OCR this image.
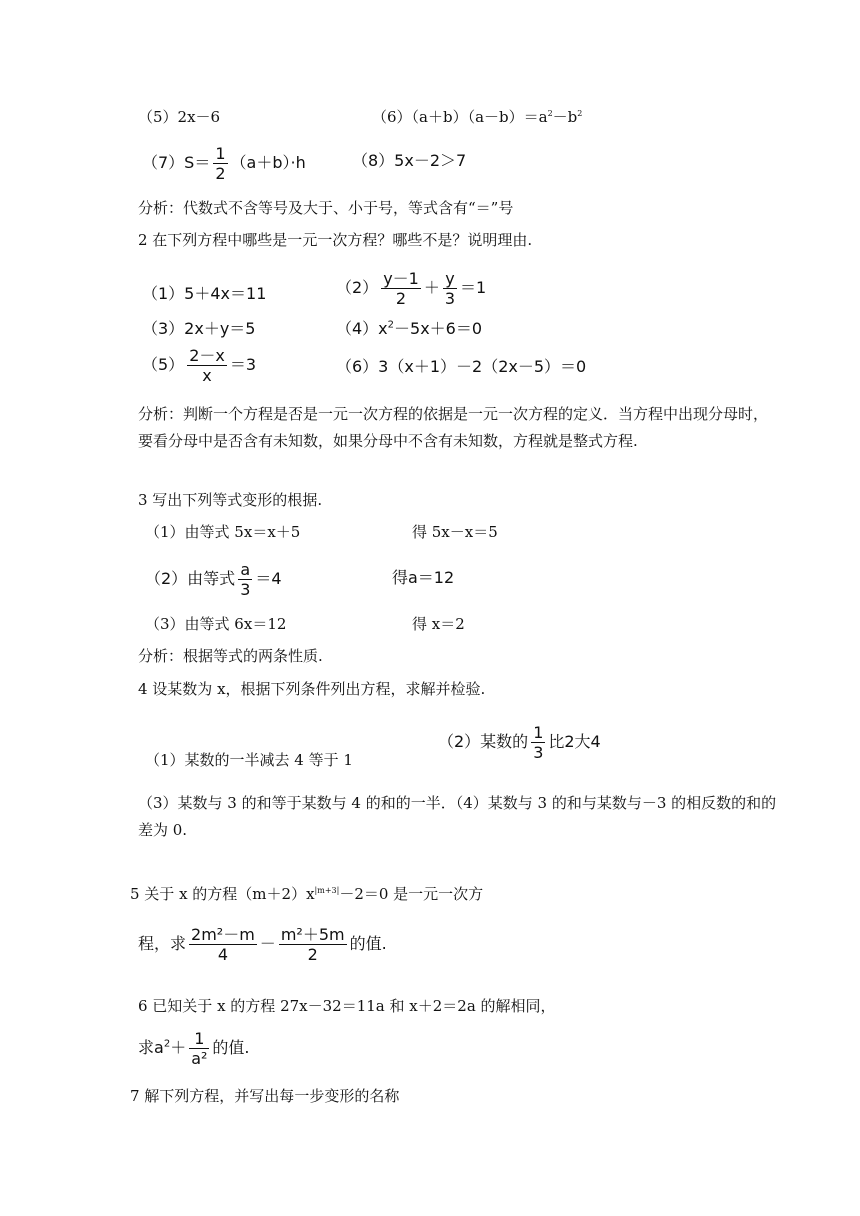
（5）2x－6	$(6)(a+b)(a-b)=a^2-b^2$
$(7)S= \frac{1}{2} (a+b)\cdot h$	（8）5x－2＞7
分析：代数式不含等号及大于、小于号，等式含有“＝”号
2 在下列方程中哪些是一元一次方程？哪些不是？说明理由.
（1）5＋4x＝11	$(2) \frac{y-1}{2} + \frac{y}{3} =1$
（3）2x＋y＝5	$(4)x^2-5x+6=0$
$(5) \frac{2-x}{x} =3$	（6）3（x＋1）－2（2x－5）＝0
分析：判断一个方程是否是一元一次方程的依据是一元一次方程的定义．当方程中出现分母时，要看分母中是否含有未知数，如果分母中不含有未知数，方程就是整式方程.
3 写出下列等式变形的根据.
（1）由等式 5x＝x＋5	得 5x－x＝5
（2）由等式 $\frac{a}{3} =4$	得a＝12
（3）由等式 6x＝12	得 x＝2
分析：根据等式的两条性质.
4 设某数为 x，根据下列条件列出方程，求解并检验.
（2）某数的 $\frac{1}{3}$ 比2大4
（1）某数的一半减去 4 等于 1
（3）某数与 3 的和等于某数与 4 的和的一半．（4）某数与 3 的和与某数与－3 的相反数的和的差为 0.
5 关于 x 的方程$(m+2)x^{|m+3|}-2=0$ 是一元一次方
程，求 $\frac{\text{2m²－m}}{4} - \frac{\text{m²＋5m}}{2}$ 的值.
6 已知关于 x 的方程 27x－32＝11a 和 x＋2＝2a 的解相同，
求$a^2+ \frac{1}{\text{a²}}$ 的值.
7 解下列方程，并写出每一步变形的名称
